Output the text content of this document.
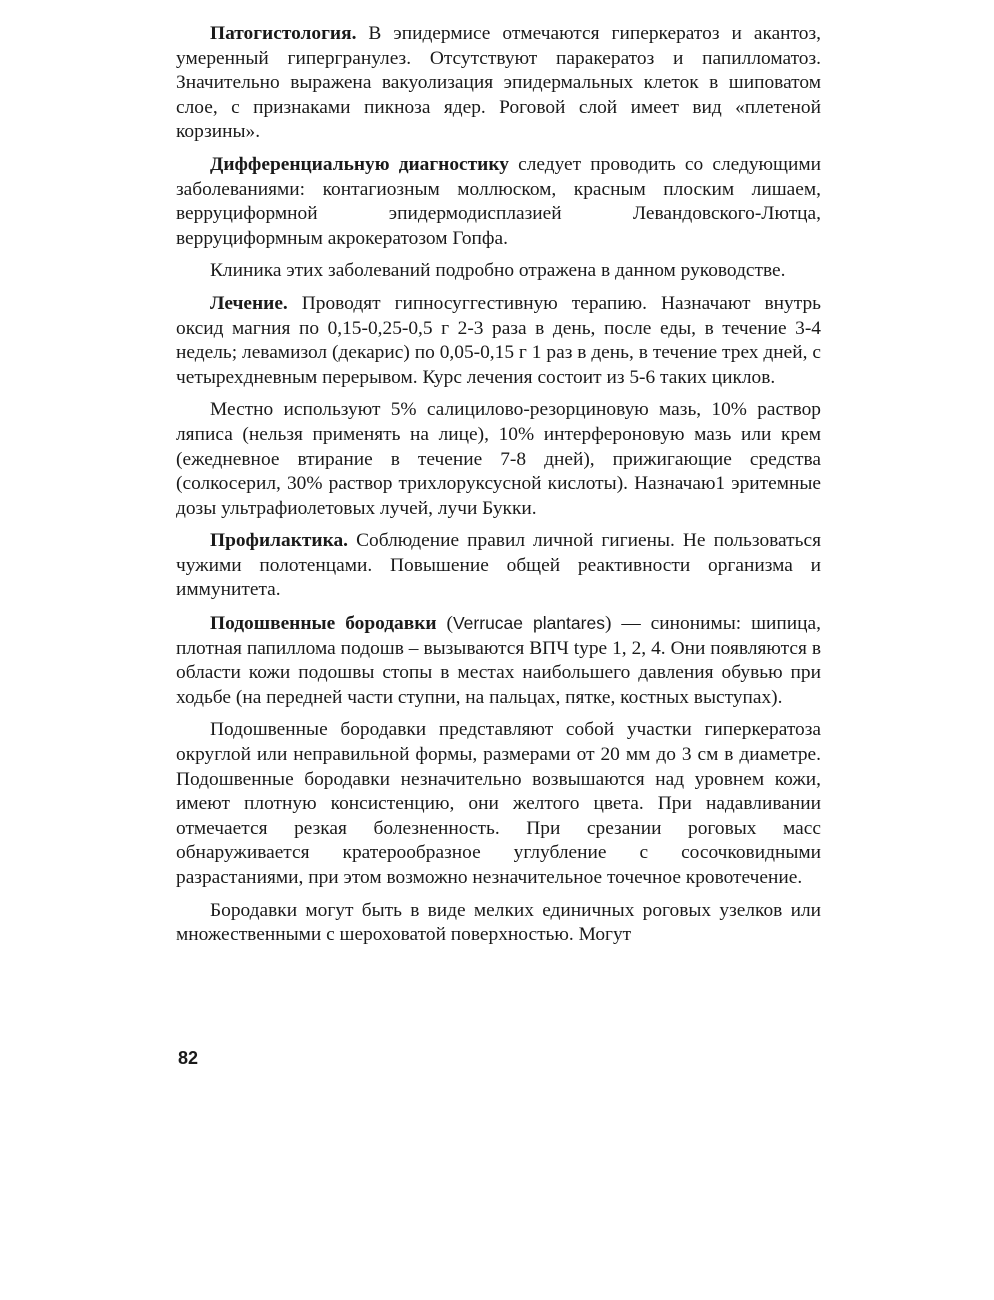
Патогистология. В эпидермисе отмечаются гиперкератоз и акантоз, умеренный гипергранулез. Отсутствуют паракератоз и папилломатоз. Значительно выражена вакуолизация эпидермальных клеток в шиповатом слое, с признаками пикноза ядер. Роговой слой имеет вид «плетеной корзины».

Дифференциальную диагностику следует проводить со следующими заболеваниями: контагиозным моллюском, красным плоским лишаем, верруциформной эпидермодисплазией Левандовского-Лютца, верруциформным акрокератозом Гопфа.

Клиника этих заболеваний подробно отражена в данном руководстве.

Лечение. Проводят гипносуггестивную терапию. Назначают внутрь оксид магния по 0,15-0,25-0,5 г 2-3 раза в день, после еды, в течение 3-4 недель; левамизол (декарис) по 0,05-0,15 г 1 раз в день, в течение трех дней, с четырехдневным перерывом. Курс лечения состоит из 5-6 таких циклов.

Местно используют 5% салицилово-резорциновую мазь, 10% раствор ляписа (нельзя применять на лице), 10% интерфероновую мазь или крем (ежедневное втирание в течение 7-8 дней), прижигающие средства (солкосерил, 30% раствор трихлоруксусной кислоты). Назначаю1 эритемные дозы ультрафиолетовых лучей, лучи Букки.

Профилактика. Соблюдение правил личной гигиены. Не пользоваться чужими полотенцами. Повышение общей реактивности организма и иммунитета.

Подошвенные бородавки (Verrucae plantares) — синонимы: шипица, плотная папиллома подошв – вызываются ВПЧ type 1, 2, 4. Они появляются в области кожи подошвы стопы в местах наибольшего давления обувью при ходьбе (на передней части ступни, на пальцах, пятке, костных выступах).

Подошвенные бородавки представляют собой участки гиперкератоза округлой или неправильной формы, размерами от 20 мм до 3 см в диаметре. Подошвенные бородавки незначительно возвышаются над уровнем кожи, имеют плотную консистенцию, они желтого цвета. При надавливании отмечается резкая болезненность. При срезании роговых масс обнаруживается кратерообразное углубление с сосочковидными разрастаниями, при этом возможно незначительное точечное кровотечение.

Бородавки могут быть в виде мелких единичных роговых узелков или множественными с шероховатой поверхностью. Могут

82
